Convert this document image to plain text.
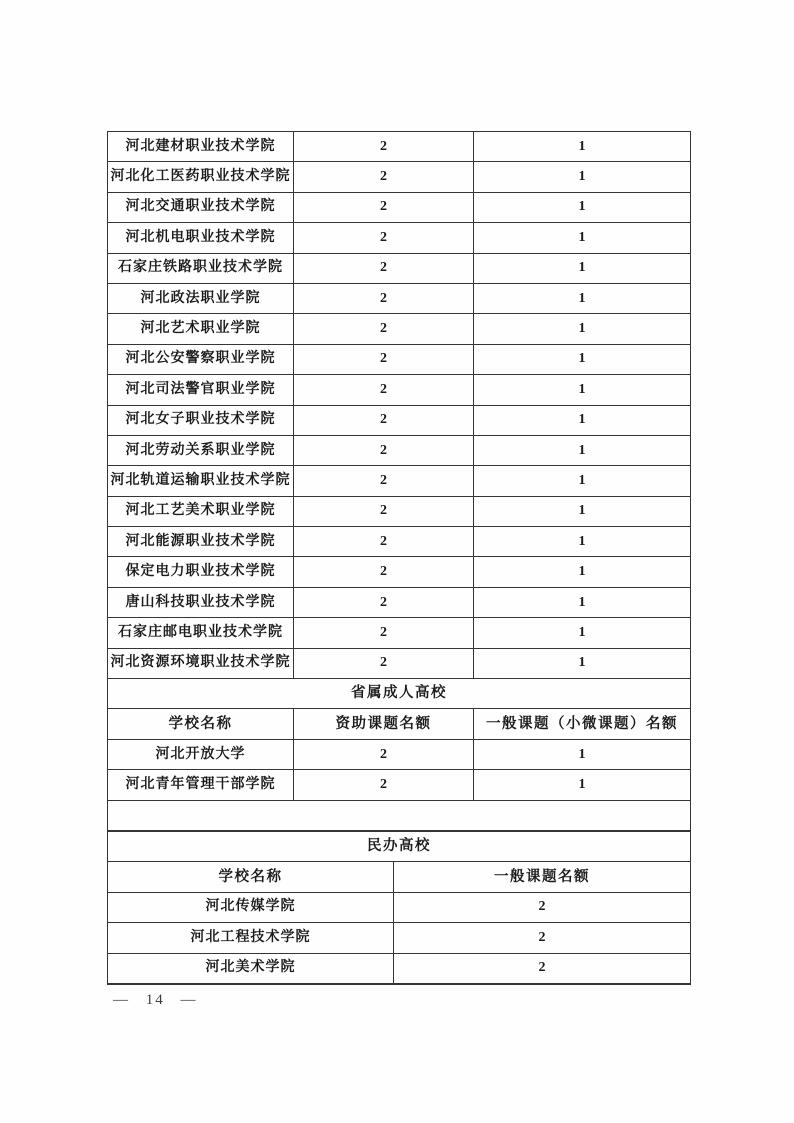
河北建材职业技术学院	2	1
河北化工医药职业技术学院	2	1
河北交通职业技术学院	2	1
河北机电职业技术学院	2	1
石家庄铁路职业技术学院	2	1
河北政法职业学院	2	1
河北艺术职业学院	2	1
河北公安警察职业学院	2	1
河北司法警官职业学院	2	1
河北女子职业技术学院	2	1
河北劳动关系职业学院	2	1
河北轨道运输职业技术学院	2	1
河北工艺美术职业学院	2	1
河北能源职业技术学院	2	1
保定电力职业技术学院	2	1
唐山科技职业技术学院	2	1
石家庄邮电职业技术学院	2	1
河北资源环境职业技术学院	2	1
省属成人高校		
学校名称	资助课题名额	一般课题（小微课题）名额
河北开放大学	2	1
河北青年管理干部学院	2	1

民办高校	
学校名称	一般课题名额
河北传媒学院	2
河北工程技术学院	2
河北美术学院	2
— 14 —
